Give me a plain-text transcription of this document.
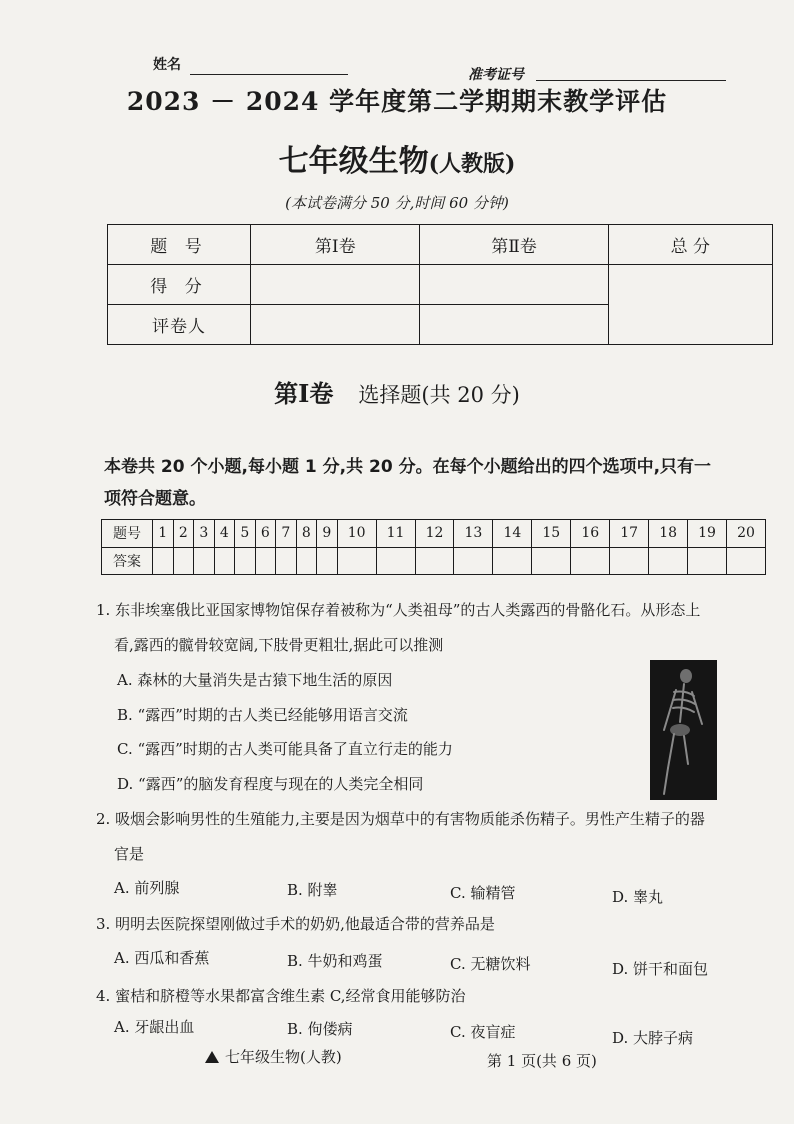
姓名
准考证号
2023 － 2024 学年度第二学期期末教学评估
七年级生物(人教版)
(本试卷满分 50 分,时间 60 分钟)
题 号	第Ⅰ卷	第Ⅱ卷	总 分
得 分			
评卷人			
第Ⅰ卷 选择题(共 20 分)
本卷共 20 个小题,每小题 1 分,共 20 分。在每个小题给出的四个选项中,只有一
项符合题意。
题号	1	2	3	4	5	6	7	8	9	10	11	12	13	14	15	16	17	18	19	20
答案																				
1. 东非埃塞俄比亚国家博物馆保存着被称为“人类祖母”的古人类露西的骨骼化石。从形态上
看,露西的髋骨较宽阔,下肢骨更粗壮,据此可以推测
A. 森林的大量消失是古猿下地生活的原因
B. “露西”时期的古人类已经能够用语言交流
C. “露西”时期的古人类可能具备了直立行走的能力
D. “露西”的脑发育程度与现在的人类完全相同
2. 吸烟会影响男性的生殖能力,主要是因为烟草中的有害物质能杀伤精子。男性产生精子的器
官是
A. 前列腺	B. 附睾	C. 输精管	D. 睾丸
3. 明明去医院探望刚做过手术的奶奶,他最适合带的营养品是
A. 西瓜和香蕉	B. 牛奶和鸡蛋	C. 无糖饮料	D. 饼干和面包
4. 蜜桔和脐橙等水果都富含维生素 C,经常食用能够防治
A. 牙龈出血	B. 佝偻病	C. 夜盲症	D. 大脖子病
七年级生物(人教)	第 1 页(共 6 页)
